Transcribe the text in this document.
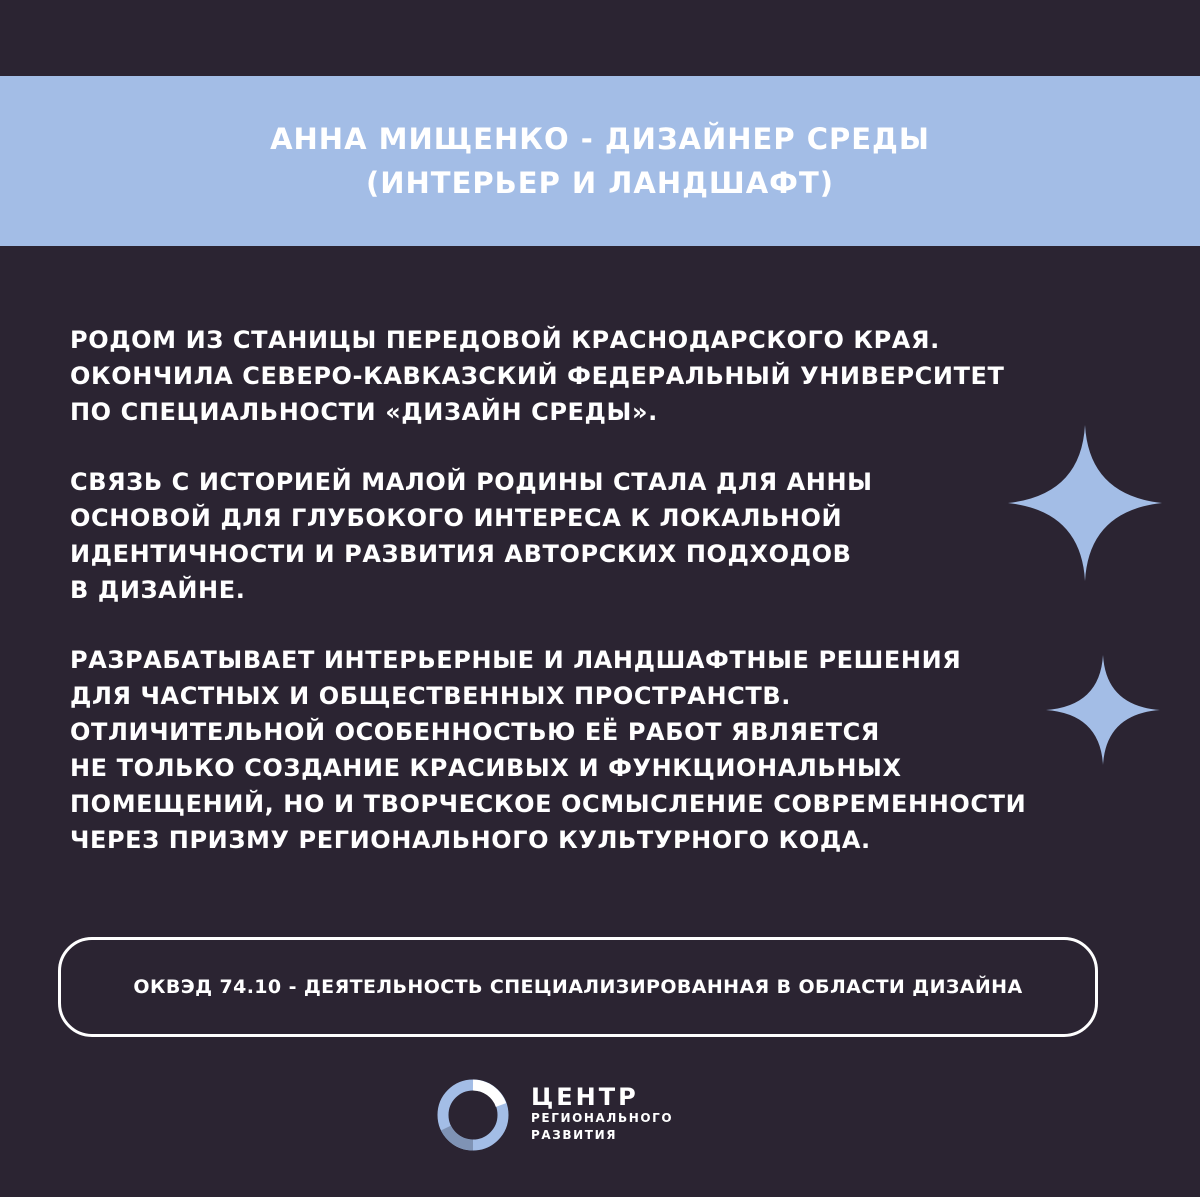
АННА МИЩЕНКО - ДИЗАЙНЕР СРЕДЫ
(ИНТЕРЬЕР И ЛАНДШАФТ)
РОДОМ ИЗ СТАНИЦЫ ПЕРЕДОВОЙ КРАСНОДАРСКОГО КРАЯ.
ОКОНЧИЛА СЕВЕРО-КАВКАЗСКИЙ ФЕДЕРАЛЬНЫЙ УНИВЕРСИТЕТ
ПО СПЕЦИАЛЬНОСТИ «ДИЗАЙН СРЕДЫ».
СВЯЗЬ С ИСТОРИЕЙ МАЛОЙ РОДИНЫ СТАЛА ДЛЯ АННЫ
ОСНОВОЙ ДЛЯ ГЛУБОКОГО ИНТЕРЕСА К ЛОКАЛЬНОЙ
ИДЕНТИЧНОСТИ И РАЗВИТИЯ АВТОРСКИХ ПОДХОДОВ
В ДИЗАЙНЕ.
РАЗРАБАТЫВАЕТ ИНТЕРЬЕРНЫЕ И ЛАНДШАФТНЫЕ РЕШЕНИЯ
ДЛЯ ЧАСТНЫХ И ОБЩЕСТВЕННЫХ ПРОСТРАНСТВ.
ОТЛИЧИТЕЛЬНОЙ ОСОБЕННОСТЬЮ ЕЁ РАБОТ ЯВЛЯЕТСЯ
НЕ ТОЛЬКО СОЗДАНИЕ КРАСИВЫХ И ФУНКЦИОНАЛЬНЫХ
ПОМЕЩЕНИЙ, НО И ТВОРЧЕСКОЕ ОСМЫСЛЕНИЕ СОВРЕМЕННОСТИ
ЧЕРЕЗ ПРИЗМУ РЕГИОНАЛЬНОГО КУЛЬТУРНОГО КОДА.
ОКВЭД 74.10 - ДЕЯТЕЛЬНОСТЬ СПЕЦИАЛИЗИРОВАННАЯ В ОБЛАСТИ ДИЗАЙНА
ЦЕНТР
РЕГИОНАЛЬНОГО
РАЗВИТИЯ
